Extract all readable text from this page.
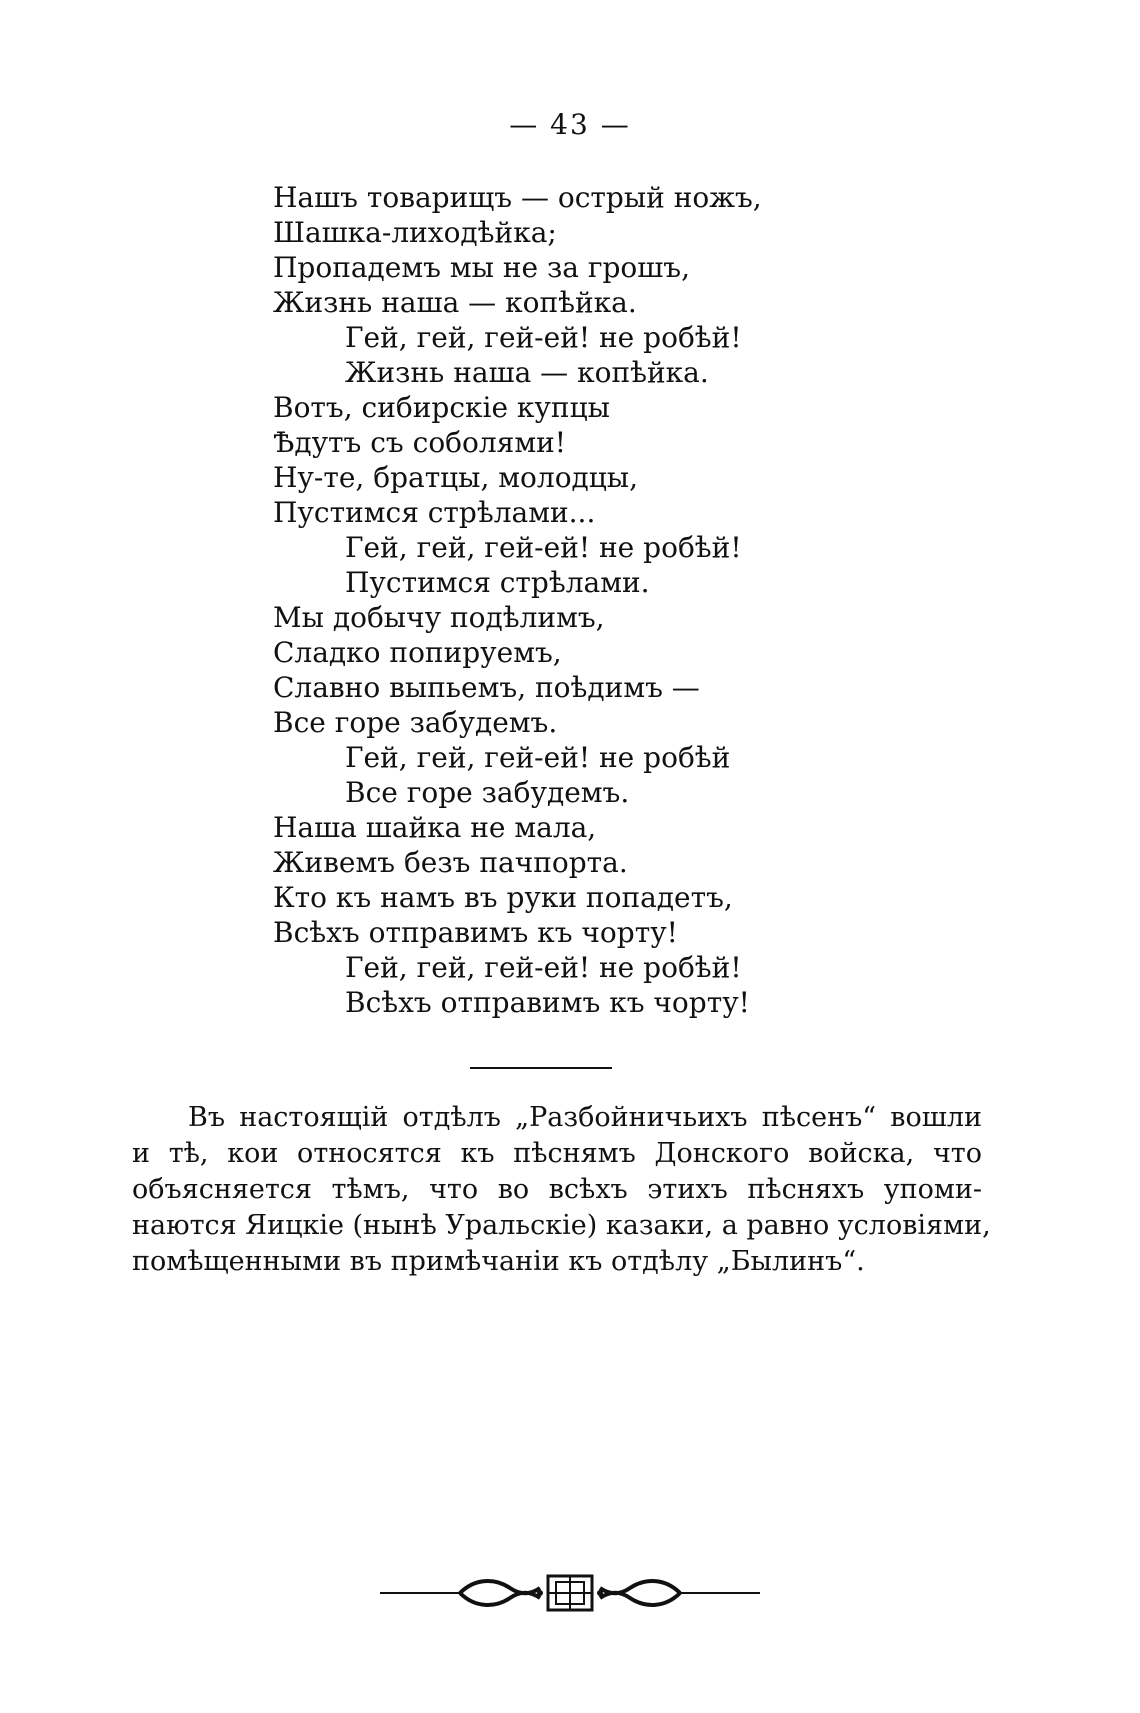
— 43 —
Нашъ товарищъ — острый ножъ,
Шашка-лиходѣйка;
Пропадемъ мы не за грошъ,
Жизнь наша — копѣйка.
Гей, гей, гей-ей! не робѣй!
Жизнь наша — копѣйка.
Вотъ, сибирскіе купцы
Ѣдутъ съ соболями!
Ну-те, братцы, молодцы,
Пустимся стрѣлами...
Гей, гей, гей-ей! не робѣй!
Пустимся стрѣлами.
Мы добычу подѣлимъ,
Сладко попируемъ,
Славно выпьемъ, поѣдимъ —
Все горе забудемъ.
Гей, гей, гей-ей! не робѣй
Все горе забудемъ.
Наша шайка не мала,
Живемъ безъ пачпорта.
Кто къ намъ въ руки попадетъ,
Всѣхъ отправимъ къ чорту!
Гей, гей, гей-ей! не робѣй!
Всѣхъ отправимъ къ чорту!
Въ настоящій отдѣлъ „Разбойничьихъ пѣсенъ“ вошли
и тѣ, кои относятся къ пѣснямъ Донского войска, что
объясняется тѣмъ, что во всѣхъ этихъ пѣсняхъ упоми-
наются Яицкіе (нынѣ Уральскіе) казаки, а равно условіями,
помѣщенными въ примѣчаніи къ отдѣлу „Былинъ“.
